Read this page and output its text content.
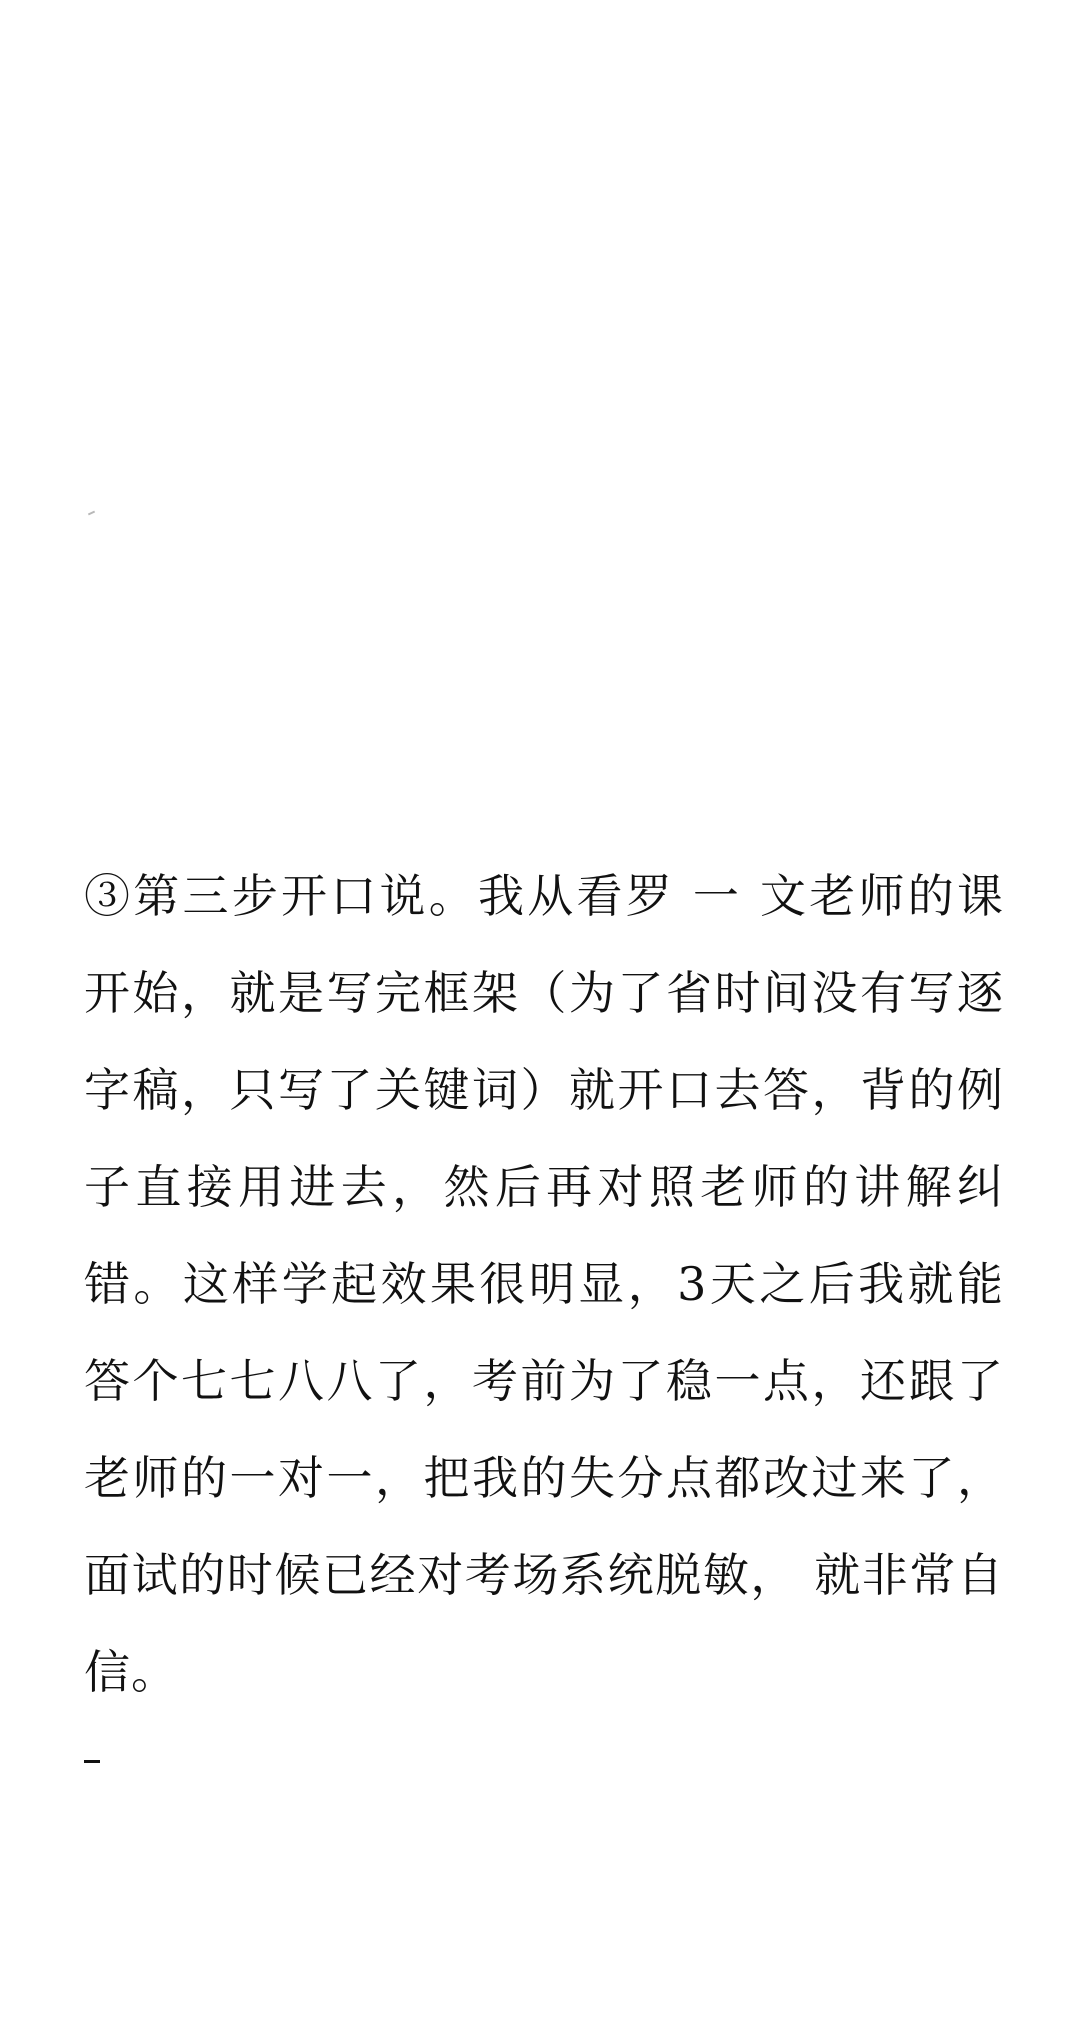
③第三步开口说。我从看罗 一 文老师的课开始，就是写完框架（为了省时间没有写逐字稿，只写了关键词）就开口去答，背的例子直接用进去，然后再对照老师的讲解纠错。这样学起效果很明显，3天之后我就能答个七七八八了，考前为了稳一点，还跟了老师的一对一，把我的失分点都改过来了，面试的时候已经对考场系统脱敏， 就非常自信。
